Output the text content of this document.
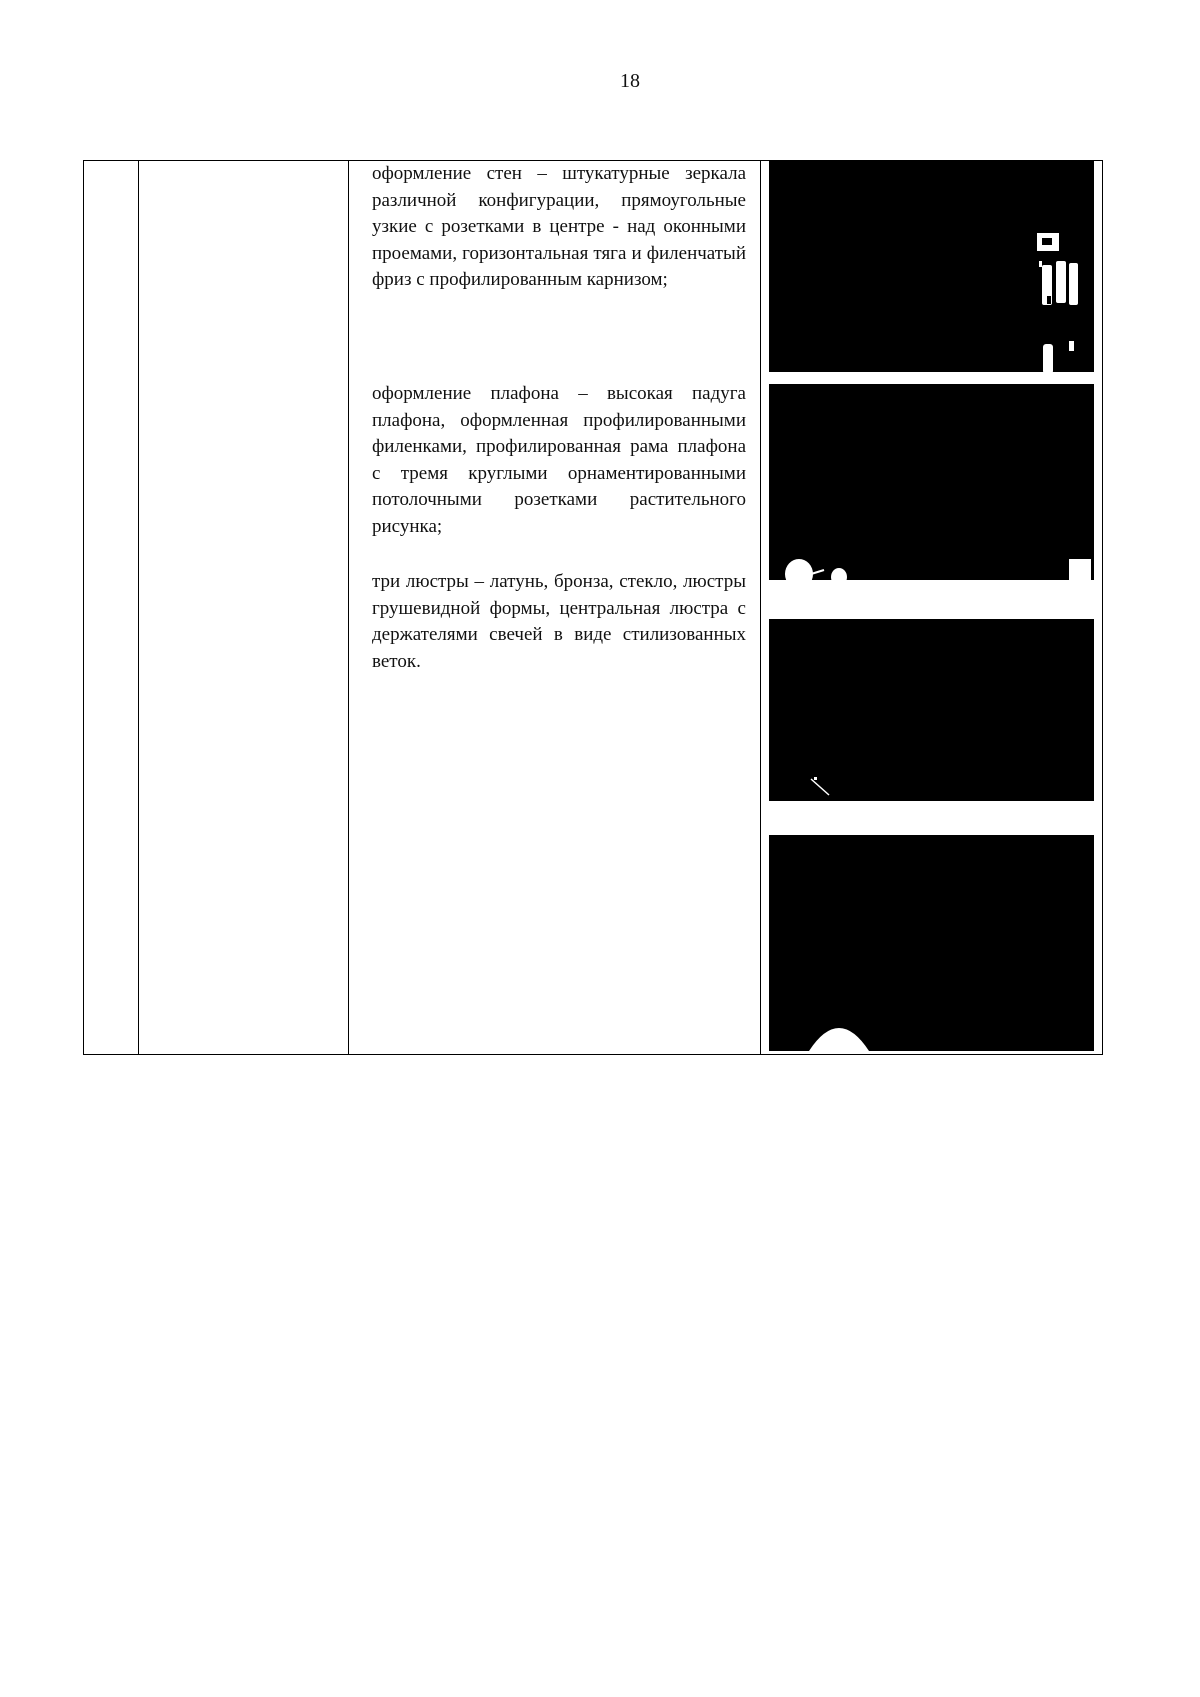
18

оформление стен – штукатурные зеркала различной конфигурации, прямоугольные узкие с розетками в центре - над оконными проемами, горизонтальная тяга и филенчатый фриз с профилированным карнизом;

оформление плафона – высокая падуга плафона, оформленная профилированными филенками, профилированная рама плафона с тремя круглыми орнаментированными потолочными розетками растительного рисунка;

три люстры – латунь, бронза, стекло, люстры грушевидной формы, центральная люстра с держателями свечей в виде стилизованных веток.
